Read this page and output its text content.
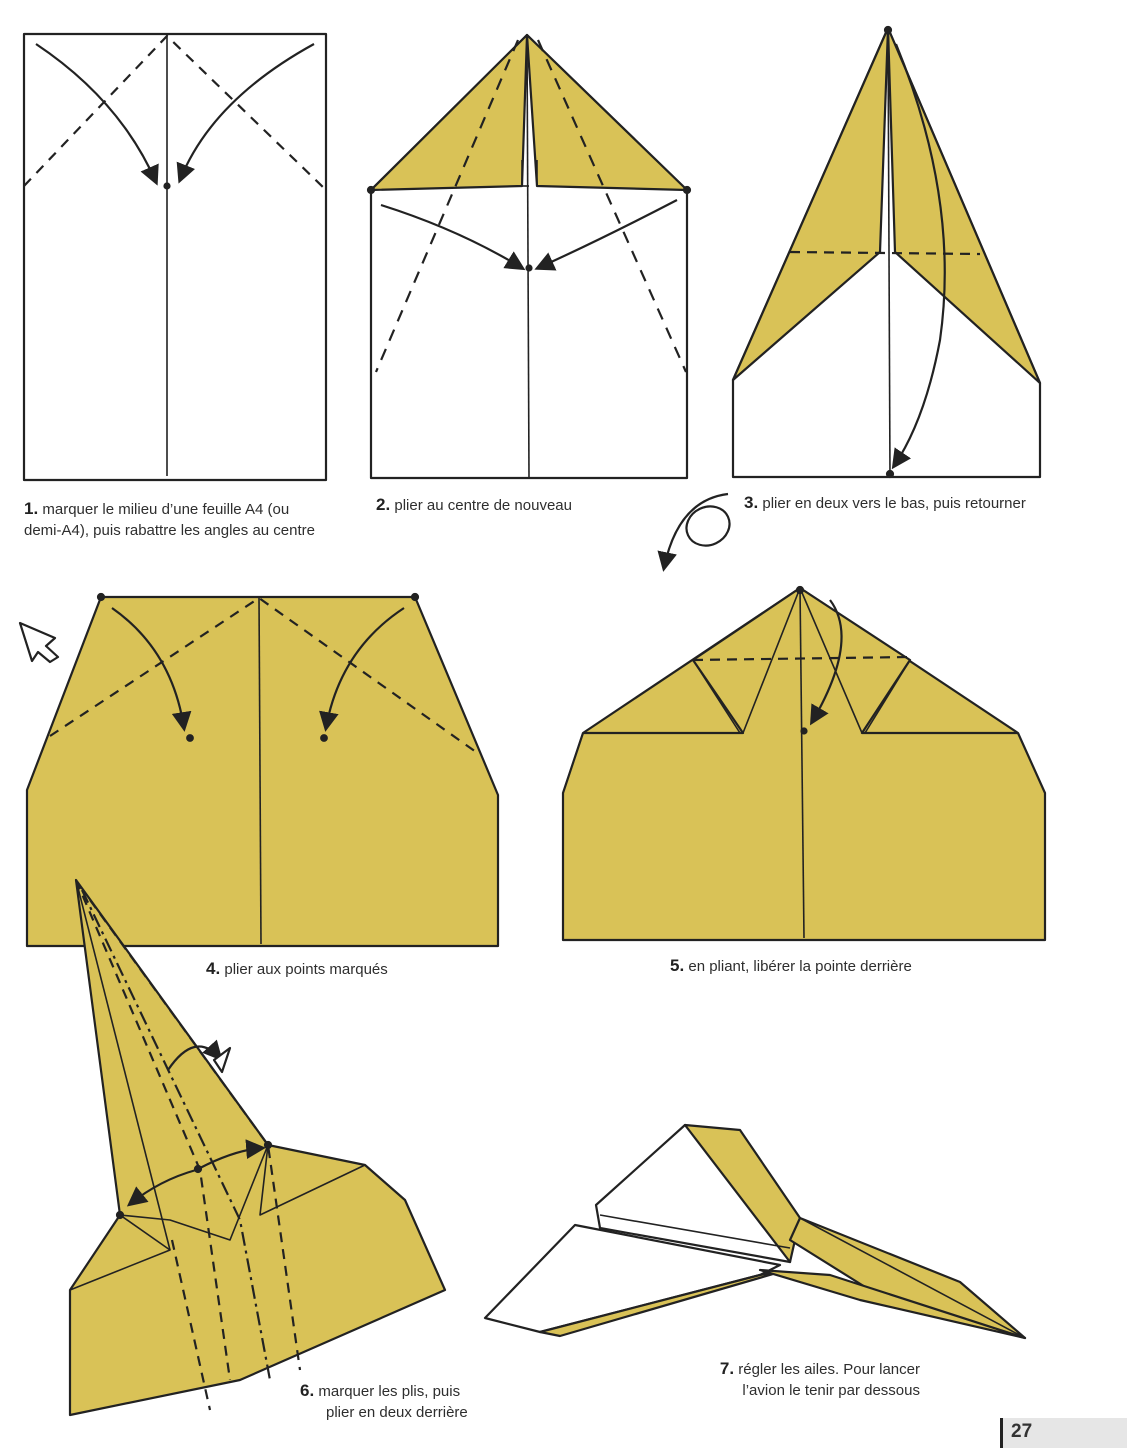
1. marquer le milieu d’une feuille A4 (ou demi-A4), puis rabattre les angles au centre
2. plier au centre de nouveau	3. plier en deux vers le bas, puis retourner
4. plier aux points marqués	5. en pliant, libérer la pointe derrière
6. marquer les plis, puis
plier en deux derrière
7. régler les ailes. Pour lancer
l’avion le tenir par dessous
27
